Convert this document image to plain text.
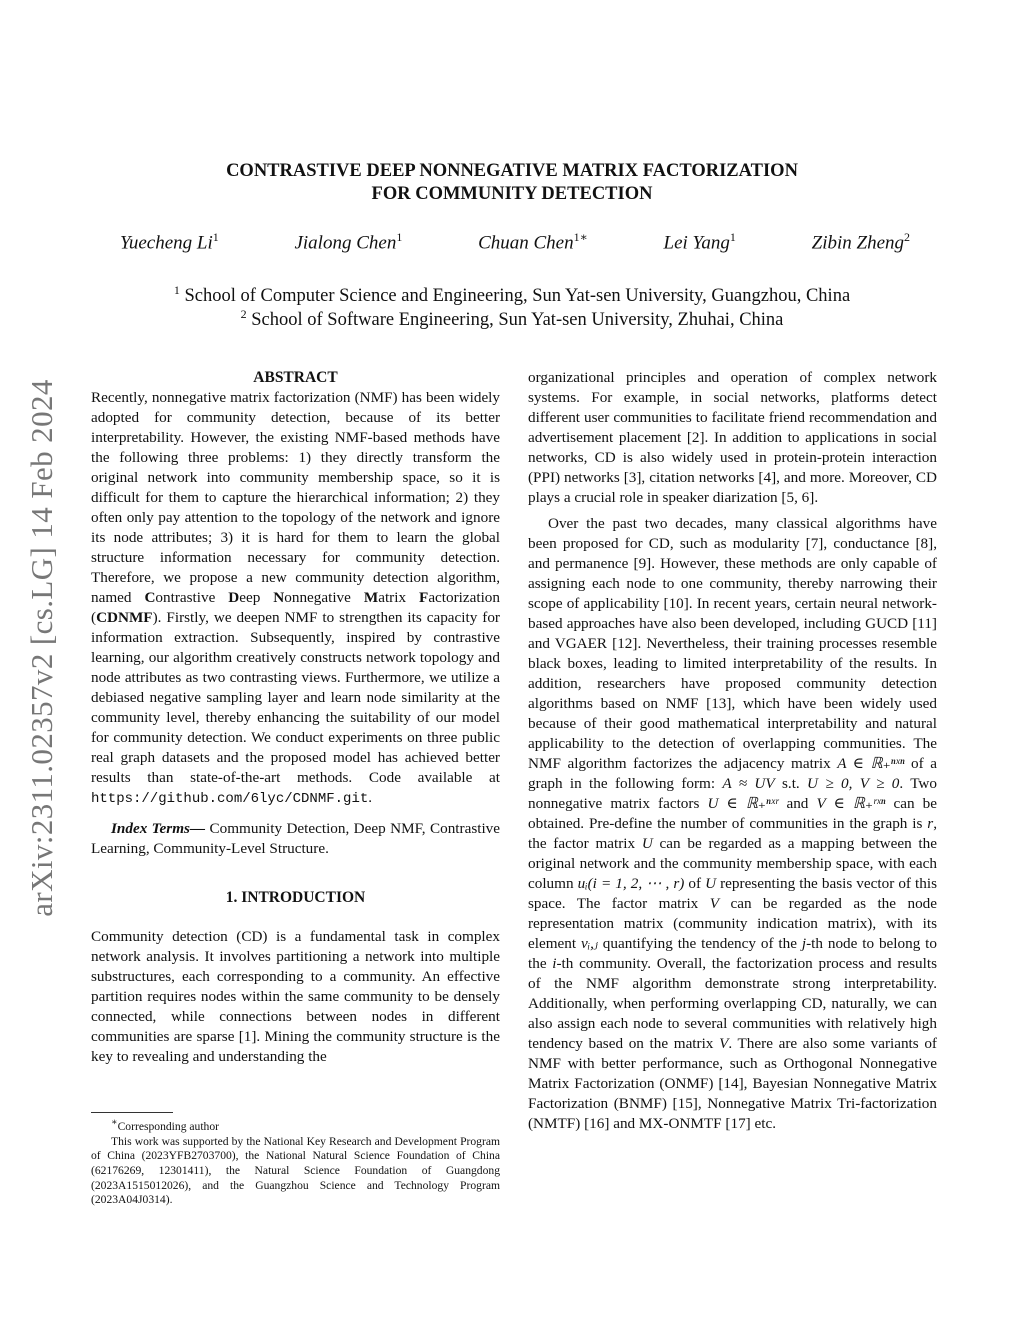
arXiv:2311.02357v2 [cs.LG] 14 Feb 2024
CONTRASTIVE DEEP NONNEGATIVE MATRIX FACTORIZATION
FOR COMMUNITY DETECTION
Yuecheng Li$^1$	Jialong Chen$^1$	Chuan Chen$^{1∗}$	Lei Yang$^1$	Zibin Zheng$^2$
$^1$ School of Computer Science and Engineering, Sun Yat-sen University, Guangzhou, China
$^2$ School of Software Engineering, Sun Yat-sen University, Zhuhai, China

ABSTRACT

Recently, nonnegative matrix factorization (NMF) has been widely adopted for community detection, because of its better interpretability. However, the existing NMF-based methods have the following three problems: 1) they directly transform the original network into community membership space, so it is difficult for them to capture the hierarchical information; 2) they often only pay attention to the topology of the network and ignore its node attributes; 3) it is hard for them to learn the global structure information necessary for community detection. Therefore, we propose a new community detection algorithm, named Contrastive Deep Nonnegative Matrix Factorization (CDNMF). Firstly, we deepen NMF to strengthen its capacity for information extraction. Subsequently, inspired by contrastive learning, our algorithm creatively constructs network topology and node attributes as two contrasting views. Furthermore, we utilize a debiased negative sampling layer and learn node similarity at the community level, thereby enhancing the suitability of our model for community detection. We conduct experiments on three public real graph datasets and the proposed model has achieved better results than state-of-the-art methods. Code available at https://github.com/6lyc/CDNMF.git.

Index Terms— Community Detection, Deep NMF, Contrastive Learning, Community-Level Structure.

1. INTRODUCTION

Community detection (CD) is a fundamental task in complex network analysis. It involves partitioning a network into multiple substructures, each corresponding to a community. An effective partition requires nodes within the same community to be densely connected, while connections between nodes in different communities are sparse [1]. Mining the community structure is the key to revealing and understanding the

∗Corresponding author

This work was supported by the National Key Research and Development Program of China (2023YFB2703700), the National Natural Science Foundation of China (62176269, 12301411), the Natural Science Foundation of Guangdong (2023A1515012026), and the Guangzhou Science and Technology Program (2023A04J0314).

organizational principles and operation of complex network systems. For example, in social networks, platforms detect different user communities to facilitate friend recommendation and advertisement placement [2]. In addition to applications in social networks, CD is also widely used in protein-protein interaction (PPI) networks [3], citation networks [4], and more. Moreover, CD plays a crucial role in speaker diarization [5, 6].

Over the past two decades, many classical algorithms have been proposed for CD, such as modularity [7], conductance [8], and permanence [9]. However, these methods are only capable of assigning each node to one community, thereby narrowing their scope of applicability [10]. In recent years, certain neural network-based approaches have also been developed, including GUCD [11] and VGAER [12]. Nevertheless, their training processes resemble black boxes, leading to limited interpretability of the results. In addition, researchers have proposed community detection algorithms based on NMF [13], which have been widely used because of their good mathematical interpretability and natural applicability to the detection of overlapping communities. The NMF algorithm factorizes the adjacency matrix A ∈ ℝ₊ⁿˣⁿ of a graph in the following form: A ≈ UV s.t. U ≥ 0, V ≥ 0. Two nonnegative matrix factors U ∈ ℝ₊ⁿˣʳ and V ∈ ℝ₊ʳˣⁿ can be obtained. Pre-define the number of communities in the graph is r, the factor matrix U can be regarded as a mapping between the original network and the community membership space, with each column uᵢ(i = 1, 2, ⋯ , r) of U representing the basis vector of this space. The factor matrix V can be regarded as the node representation matrix (community indication matrix), with its element vᵢ,ⱼ quantifying the tendency of the j-th node to belong to the i-th community. Overall, the factorization process and results of the NMF algorithm demonstrate strong interpretability. Additionally, when performing overlapping CD, naturally, we can also assign each node to several communities with relatively high tendency based on the matrix V. There are also some variants of NMF with better performance, such as Orthogonal Nonnegative Matrix Factorization (ONMF) [14], Bayesian Nonnegative Matrix Factorization (BNMF) [15], Nonnegative Matrix Tri-factorization (NMTF) [16] and MX-ONMTF [17] etc.
